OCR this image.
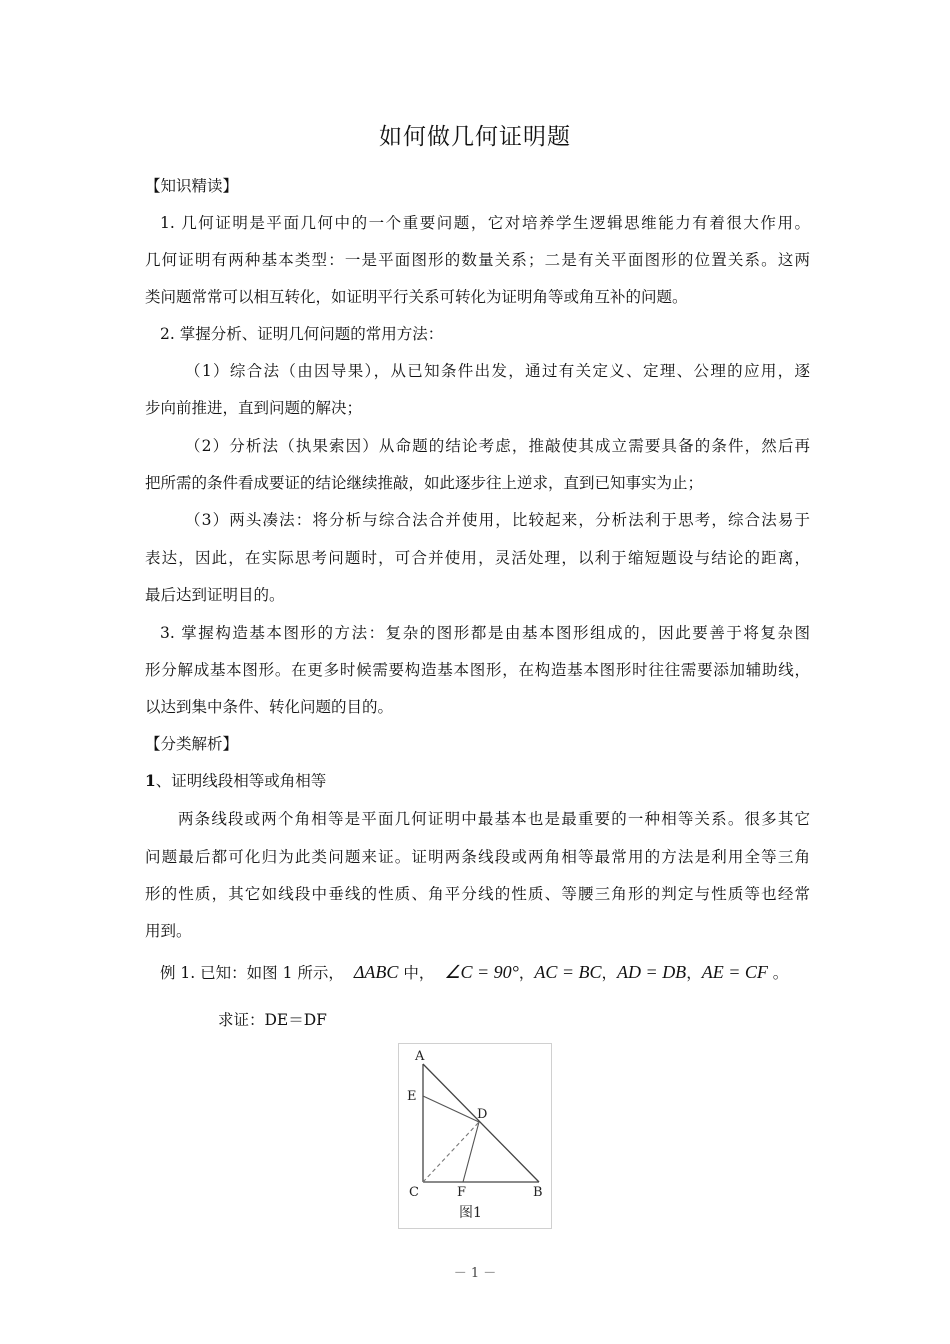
如何做几何证明题
【知识精读】
1. 几何证明是平面几何中的一个重要问题，它对培养学生逻辑思维能力有着很大作用。
几何证明有两种基本类型：一是平面图形的数量关系；二是有关平面图形的位置关系。这两
类问题常常可以相互转化，如证明平行关系可转化为证明角等或角互补的问题。
2. 掌握分析、证明几何问题的常用方法：
（1）综合法（由因导果），从已知条件出发，通过有关定义、定理、公理的应用，逐
步向前推进，直到问题的解决；
（2）分析法（执果索因）从命题的结论考虑，推敲使其成立需要具备的条件，然后再
把所需的条件看成要证的结论继续推敲，如此逐步往上逆求，直到已知事实为止；
（3）两头凑法：将分析与综合法合并使用，比较起来，分析法利于思考，综合法易于
表达，因此，在实际思考问题时，可合并使用，灵活处理，以利于缩短题设与结论的距离，
最后达到证明目的。
3. 掌握构造基本图形的方法：复杂的图形都是由基本图形组成的，因此要善于将复杂图
形分解成基本图形。在更多时候需要构造基本图形，在构造基本图形时往往需要添加辅助线，
以达到集中条件、转化问题的目的。
【分类解析】
1、证明线段相等或角相等
两条线段或两个角相等是平面几何证明中最基本也是最重要的一种相等关系。很多其它
问题最后都可化归为此类问题来证。证明两条线段或两角相等最常用的方法是利用全等三角
形的性质，其它如线段中垂线的性质、角平分线的性质、等腰三角形的判定与性质等也经常
用到。
例 1. 已知：如图 1 所示， ΔABC 中， ∠C = 90°，AC = BC，AD = DB，AE = CF 。
求证：DE＝DF
A
E
D
C	F	B
图1
－ 1 －
